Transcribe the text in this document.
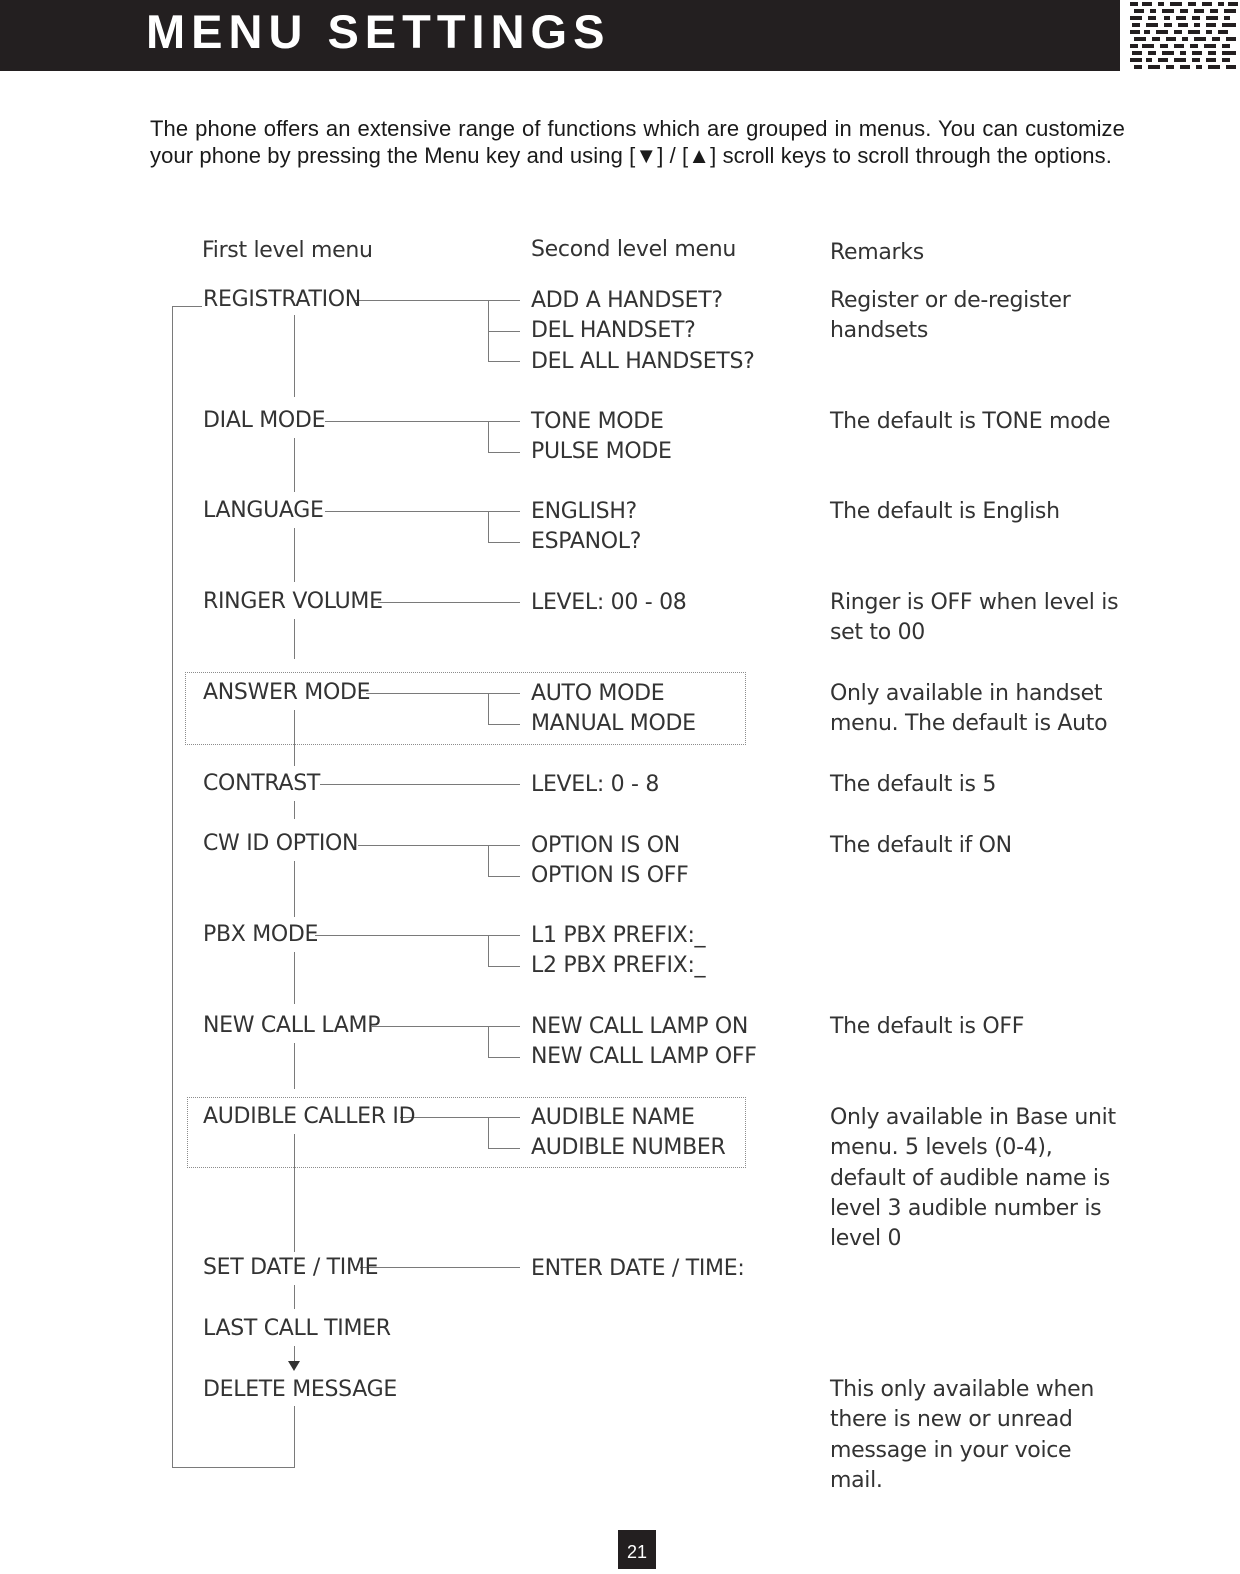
MENU SETTINGS
The phone offers an extensive range of functions which are grouped in menus. You can customize your phone by pressing the Menu key and using [▼] / [▲] scroll keys to scroll through the options.
First level menu	Second level menu	Remarks
REGISTRATION
DIAL MODE
LANGUAGE
RINGER VOLUME
ANSWER MODE
CONTRAST
CW ID OPTION
PBX MODE
NEW CALL LAMP
AUDIBLE CALLER ID
SET DATE / TIME
LAST CALL TIMER
DELETE MESSAGE
ADD A HANDSET?
DEL HANDSET?
DEL ALL HANDSETS?
TONE MODE
PULSE MODE
ENGLISH?
ESPANOL?
LEVEL: 00 - 08
AUTO MODE
MANUAL MODE
LEVEL: 0 - 8
OPTION IS ON
OPTION IS OFF
L1 PBX PREFIX:_
L2 PBX PREFIX:_
NEW CALL LAMP ON
NEW CALL LAMP OFF
AUDIBLE NAME
AUDIBLE NUMBER
ENTER DATE / TIME:
Register or de-register handsets
The default is TONE mode
The default is English
Ringer is OFF when level is set to 00
Only available in handset menu. The default is Auto
The default is 5
The default if ON
The default is OFF
Only available in Base unit menu. 5 levels (0-4), default of audible name is level 3 audible number is level 0
This only available when there is new or unread message in your voice mail.
21
